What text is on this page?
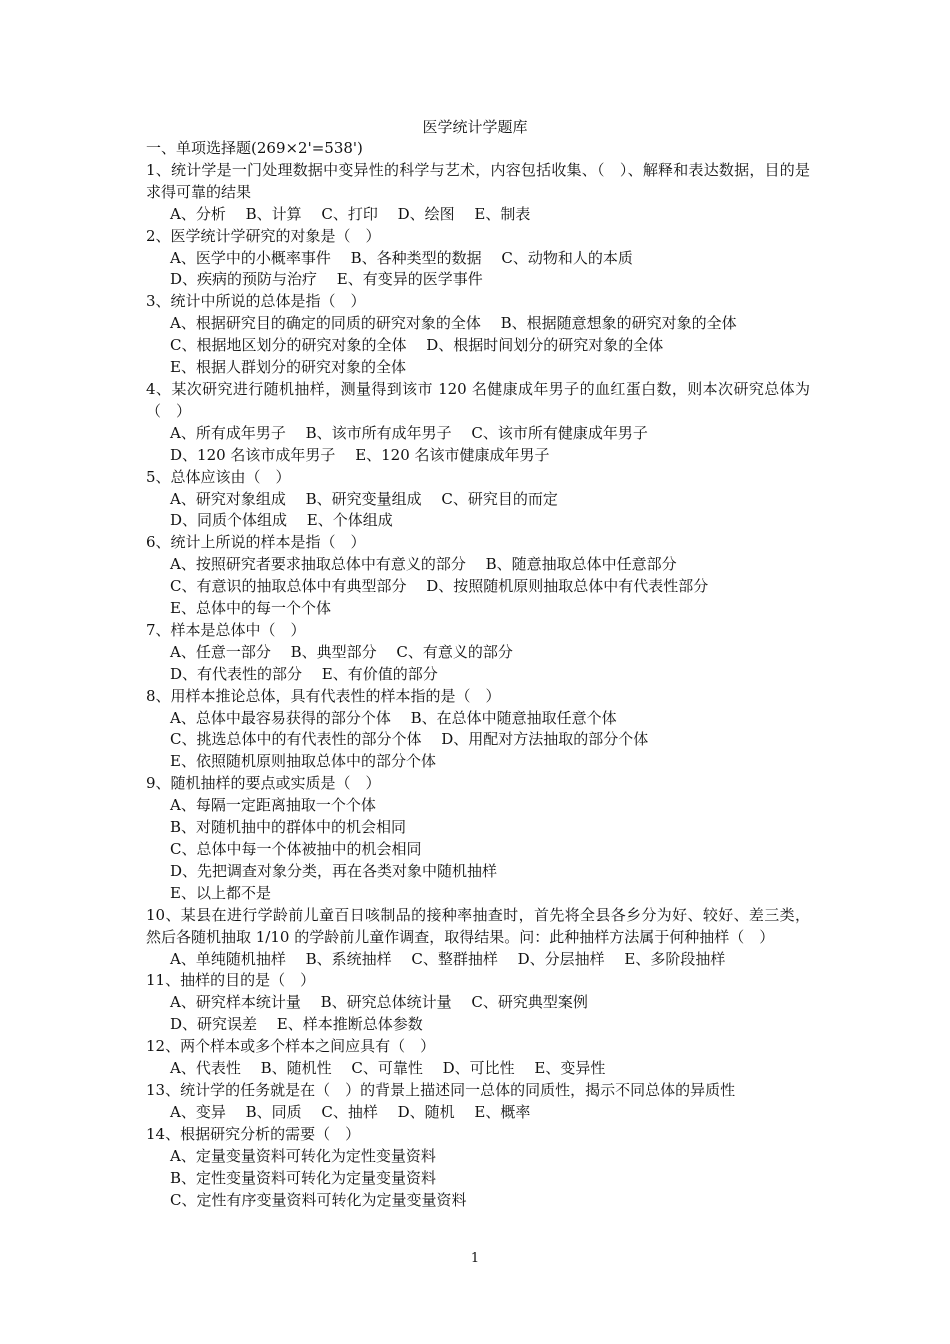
医学统计学题库
一、单项选择题(269×2'=538')
1、统计学是一门处理数据中变异性的科学与艺术，内容包括收集、（　）、解释和表达数据，目的是求得可靠的结果
A、分析　 B、计算　 C、打印　 D、绘图　 E、制表
2、医学统计学研究的对象是（　）
A、医学中的小概率事件　 B、各种类型的数据　 C、动物和人的本质
D、疾病的预防与治疗　 E、有变异的医学事件
3、统计中所说的总体是指（　）
A、根据研究目的确定的同质的研究对象的全体　 B、根据随意想象的研究对象的全体
C、根据地区划分的研究对象的全体　 D、根据时间划分的研究对象的全体
E、根据人群划分的研究对象的全体
4、某次研究进行随机抽样，测量得到该市 120 名健康成年男子的血红蛋白数，则本次研究总体为（　）
A、所有成年男子　 B、该市所有成年男子　 C、该市所有健康成年男子
D、120 名该市成年男子　 E、120 名该市健康成年男子
5、总体应该由（　）
A、研究对象组成　 B、研究变量组成　 C、研究目的而定
D、同质个体组成　 E、个体组成
6、统计上所说的样本是指（　）
A、按照研究者要求抽取总体中有意义的部分　 B、随意抽取总体中任意部分
C、有意识的抽取总体中有典型部分　 D、按照随机原则抽取总体中有代表性部分
E、总体中的每一个个体
7、样本是总体中（　）
A、任意一部分　 B、典型部分　 C、有意义的部分
D、有代表性的部分　 E、有价值的部分
8、用样本推论总体，具有代表性的样本指的是（　）
A、总体中最容易获得的部分个体　 B、在总体中随意抽取任意个体
C、挑选总体中的有代表性的部分个体　 D、用配对方法抽取的部分个体
E、依照随机原则抽取总体中的部分个体
9、随机抽样的要点或实质是（　）
A、每隔一定距离抽取一个个体
B、对随机抽中的群体中的机会相同
C、总体中每一个体被抽中的机会相同
D、先把调查对象分类，再在各类对象中随机抽样
E、以上都不是
10、某县在进行学龄前儿童百日咳制品的接种率抽查时，首先将全县各乡分为好、较好、差三类，然后各随机抽取 1/10 的学龄前儿童作调查，取得结果。问：此种抽样方法属于何种抽样（　）
A、单纯随机抽样　 B、系统抽样　 C、整群抽样　 D、分层抽样　 E、多阶段抽样
11、抽样的目的是（　）
A、研究样本统计量　 B、研究总体统计量　 C、研究典型案例
D、研究误差　 E、样本推断总体参数
12、两个样本或多个样本之间应具有（　）
A、代表性　 B、随机性　 C、可靠性　 D、可比性　 E、变异性
13、统计学的任务就是在（　）的背景上描述同一总体的同质性，揭示不同总体的异质性
A、变异　 B、同质　 C、抽样　 D、随机　 E、概率
14、根据研究分析的需要（　）
A、定量变量资料可转化为定性变量资料
B、定性变量资料可转化为定量变量资料
C、定性有序变量资料可转化为定量变量资料
1
